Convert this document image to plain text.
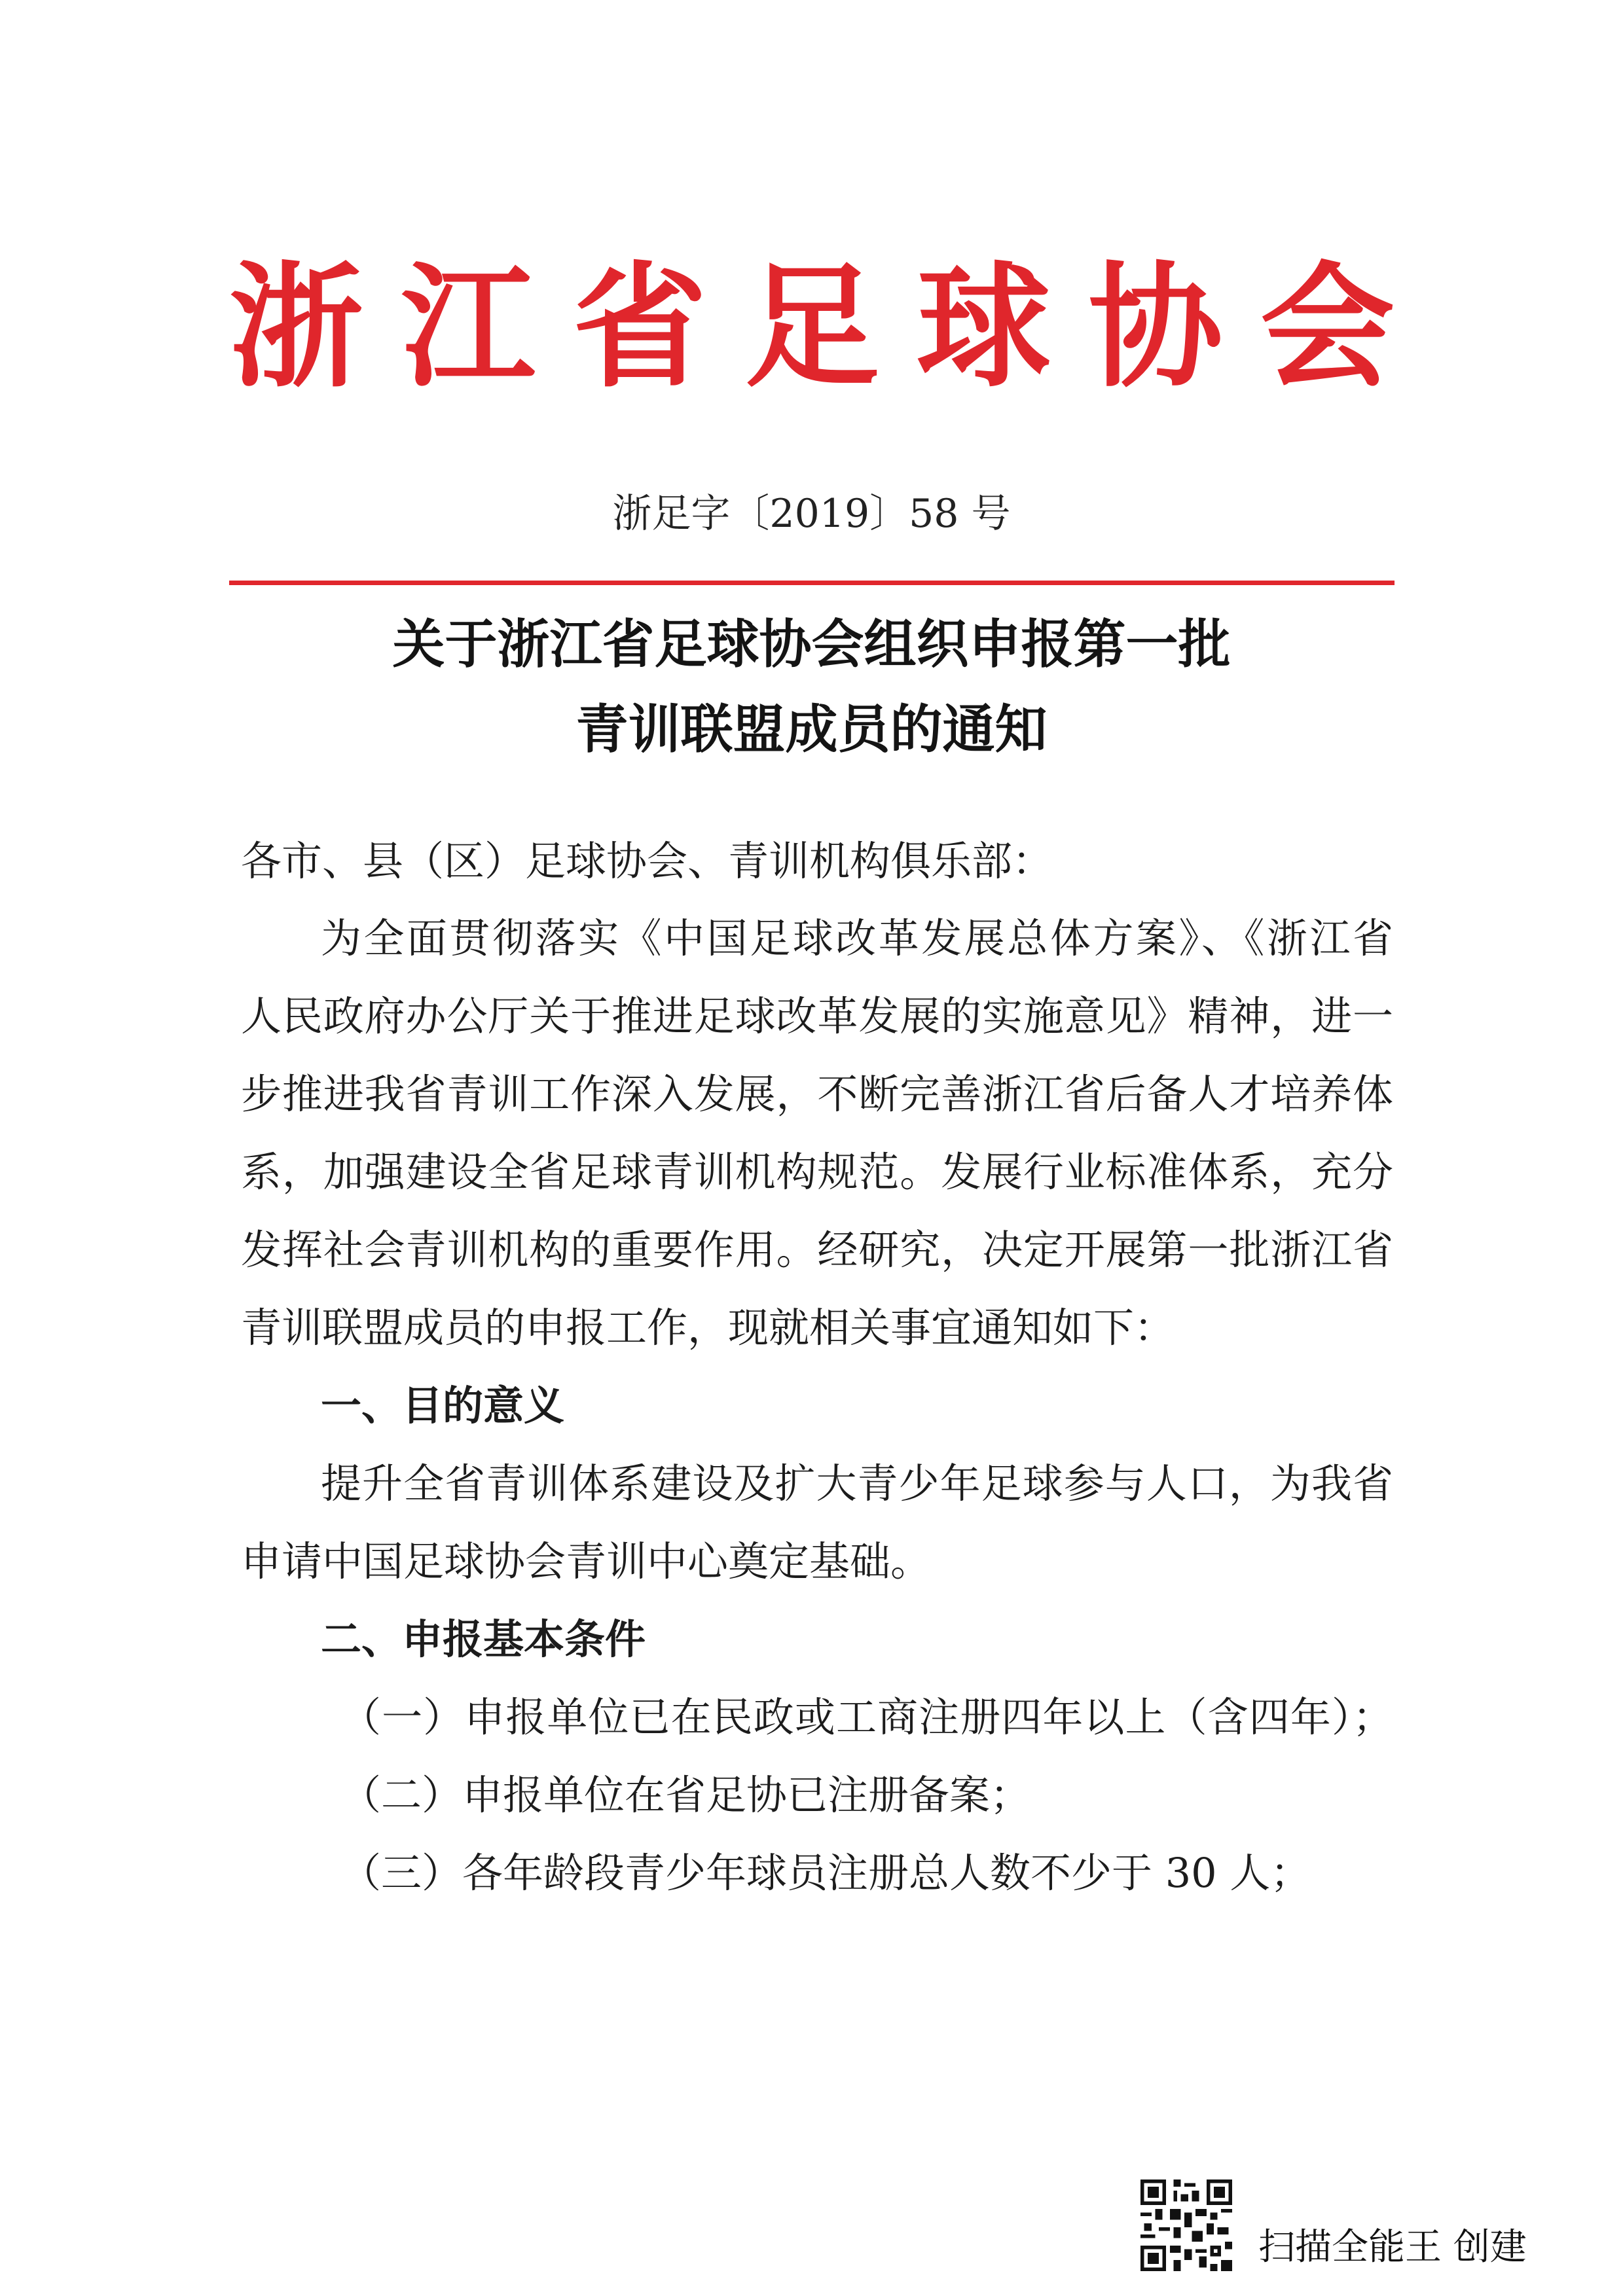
浙 江 省 足 球 协 会
浙足字〔2019〕58 号
关于浙江省足球协会组织申报第一批
青训联盟成员的通知
各市、县（区）足球协会、青训机构俱乐部：
为全面贯彻落实《中国足球改革发展总体方案》、《浙江省
人民政府办公厅关于推进足球改革发展的实施意见》精神，进一
步推进我省青训工作深入发展，不断完善浙江省后备人才培养体
系，加强建设全省足球青训机构规范。发展行业标准体系，充分
发挥社会青训机构的重要作用。经研究，决定开展第一批浙江省
青训联盟成员的申报工作，现就相关事宜通知如下：
一、目的意义
提升全省青训体系建设及扩大青少年足球参与人口，为我省
申请中国足球协会青训中心奠定基础。
二、申报基本条件
（一）申报单位已在民政或工商注册四年以上（含四年）；
（二）申报单位在省足协已注册备案；
（三）各年龄段青少年球员注册总人数不少于 30 人；
扫描全能王 创建
